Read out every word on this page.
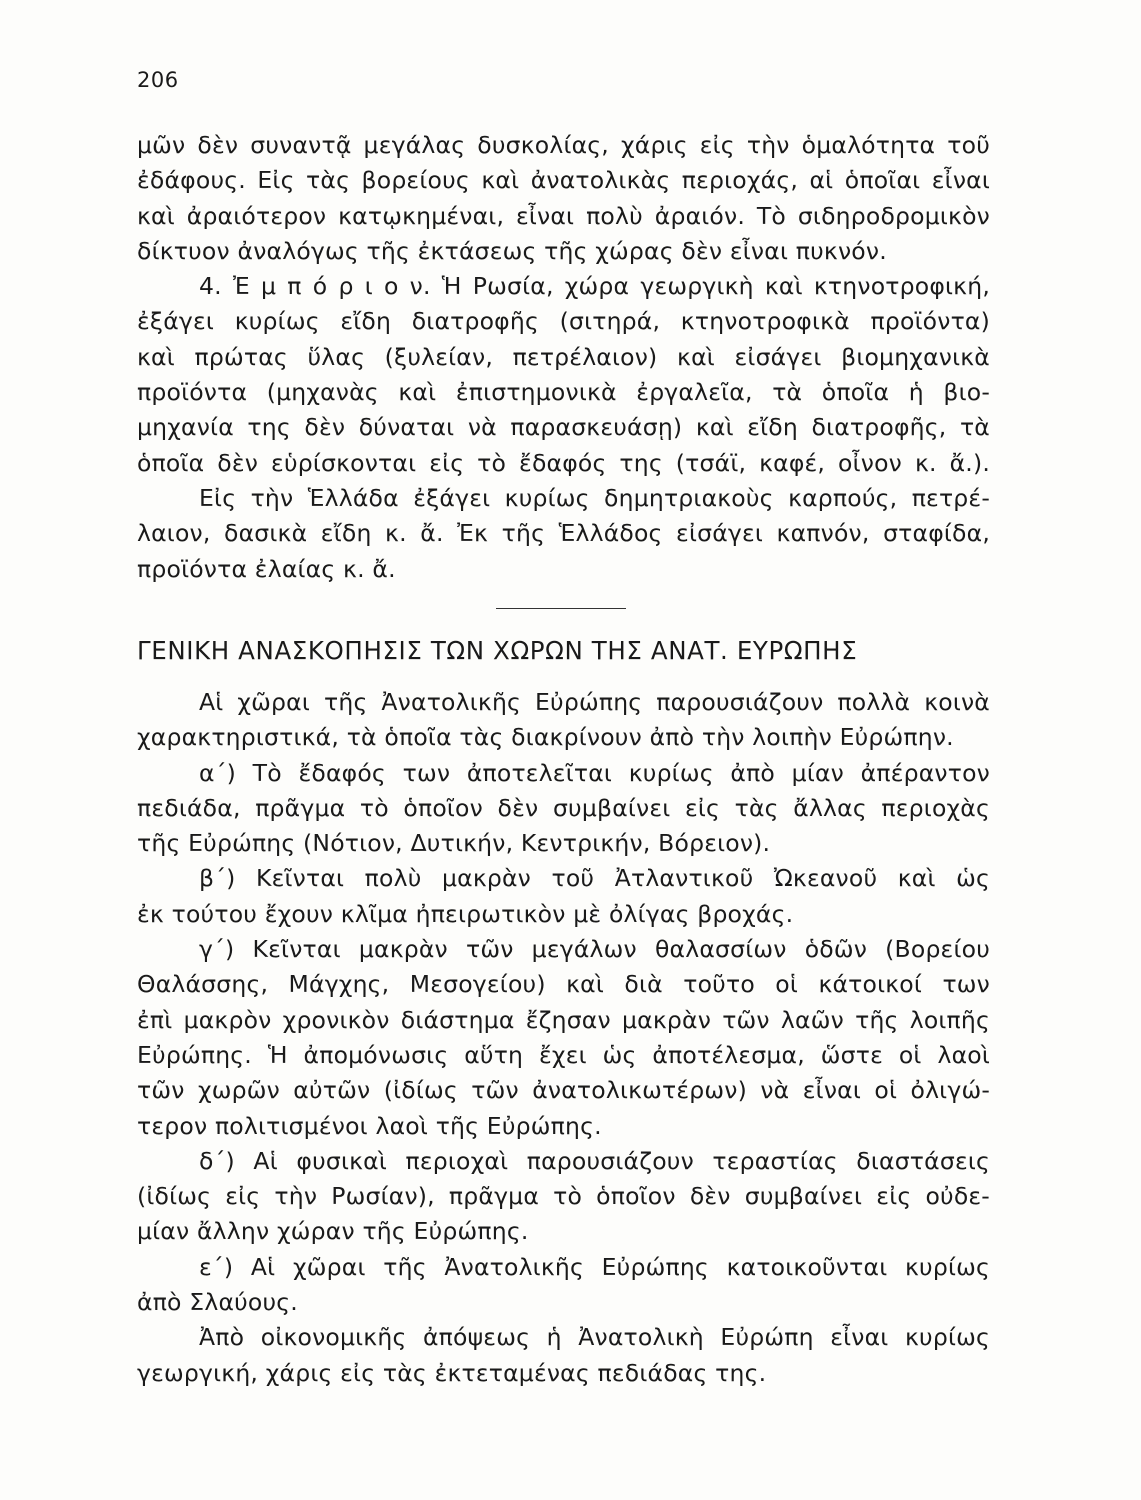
206

μῶν δὲν συναντᾷ μεγάλας δυσκολίας, χάρις εἰς τὴν ὁμαλότητα τοῦ
ἐδάφους. Εἰς τὰς βορείους καὶ ἀνατολικὰς περιοχάς, αἱ ὁποῖαι εἶναι
καὶ ἀραιότερον κατῳκημέναι, εἶναι πολὺ ἀραιόν. Τὸ σιδηροδρομικὸν
δίκτυον ἀναλόγως τῆς ἐκτάσεως τῆς χώρας δὲν εἶναι πυκνόν.
4. Ἐ μ π ό ρ ι ο ν. Ἡ Ρωσία, χώρα γεωργικὴ καὶ κτηνοτροφική,
ἐξάγει κυρίως εἴδη διατροφῆς (σιτηρά, κτηνοτροφικὰ προϊόντα)
καὶ πρώτας ὕλας (ξυλείαν, πετρέλαιον) καὶ εἰσάγει βιομηχανικὰ
προϊόντα (μηχανὰς καὶ ἐπιστημονικὰ ἐργαλεῖα, τὰ ὁποῖα ἡ βιο-
μηχανία της δὲν δύναται νὰ παρασκευάσῃ) καὶ εἴδη διατροφῆς, τὰ
ὁποῖα δὲν εὑρίσκονται εἰς τὸ ἔδαφός της (τσάϊ, καφέ, οἶνον κ. ἄ.).
Εἰς τὴν Ἑλλάδα ἐξάγει κυρίως δημητριακοὺς καρπούς, πετρέ-
λαιον, δασικὰ εἴδη κ. ἄ. Ἐκ τῆς Ἑλλάδος εἰσάγει καπνόν, σταφίδα,
προϊόντα ἐλαίας κ. ἄ.
ΓΕΝΙΚΗ ΑΝΑΣΚΟΠΗΣΙΣ ΤΩΝ ΧΩΡΩΝ ΤΗΣ ΑΝΑΤ. ΕΥΡΩΠΗΣ
Αἱ χῶραι τῆς Ἀνατολικῆς Εὐρώπης παρουσιάζουν πολλὰ κοινὰ
χαρακτηριστικά, τὰ ὁποῖα τὰς διακρίνουν ἀπὸ τὴν λοιπὴν Εὐρώπην.
α΄) Τὸ ἔδαφός των ἀποτελεῖται κυρίως ἀπὸ μίαν ἀπέραντον
πεδιάδα, πρᾶγμα τὸ ὁποῖον δὲν συμβαίνει εἰς τὰς ἄλλας περιοχὰς
τῆς Εὐρώπης (Νότιον, Δυτικήν, Κεντρικήν, Βόρειον).
β΄) Κεῖνται πολὺ μακρὰν τοῦ Ἀτλαντικοῦ Ὠκεανοῦ καὶ ὡς
ἐκ τούτου ἔχουν κλῖμα ἠπειρωτικὸν μὲ ὀλίγας βροχάς.
γ΄) Κεῖνται μακρὰν τῶν μεγάλων θαλασσίων ὁδῶν (Βορείου
Θαλάσσης, Μάγχης, Μεσογείου) καὶ διὰ τοῦτο οἱ κάτοικοί των
ἐπὶ μακρὸν χρονικὸν διάστημα ἔζησαν μακρὰν τῶν λαῶν τῆς λοιπῆς
Εὐρώπης. Ἡ ἀπομόνωσις αὕτη ἔχει ὡς ἀποτέλεσμα, ὥστε οἱ λαοὶ
τῶν χωρῶν αὐτῶν (ἰδίως τῶν ἀνατολικωτέρων) νὰ εἶναι οἱ ὀλιγώ-
τερον πολιτισμένοι λαοὶ τῆς Εὐρώπης.
δ΄) Αἱ φυσικαὶ περιοχαὶ παρουσιάζουν τεραστίας διαστάσεις
(ἰδίως εἰς τὴν Ρωσίαν), πρᾶγμα τὸ ὁποῖον δὲν συμβαίνει εἰς οὐδε-
μίαν ἄλλην χώραν τῆς Εὐρώπης.
ε΄) Αἱ χῶραι τῆς Ἀνατολικῆς Εὐρώπης κατοικοῦνται κυρίως
ἀπὸ Σλαύους.
Ἀπὸ οἰκονομικῆς ἀπόψεως ἡ Ἀνατολικὴ Εὐρώπη εἶναι κυρίως
γεωργική, χάρις εἰς τὰς ἐκτεταμένας πεδιάδας της.
